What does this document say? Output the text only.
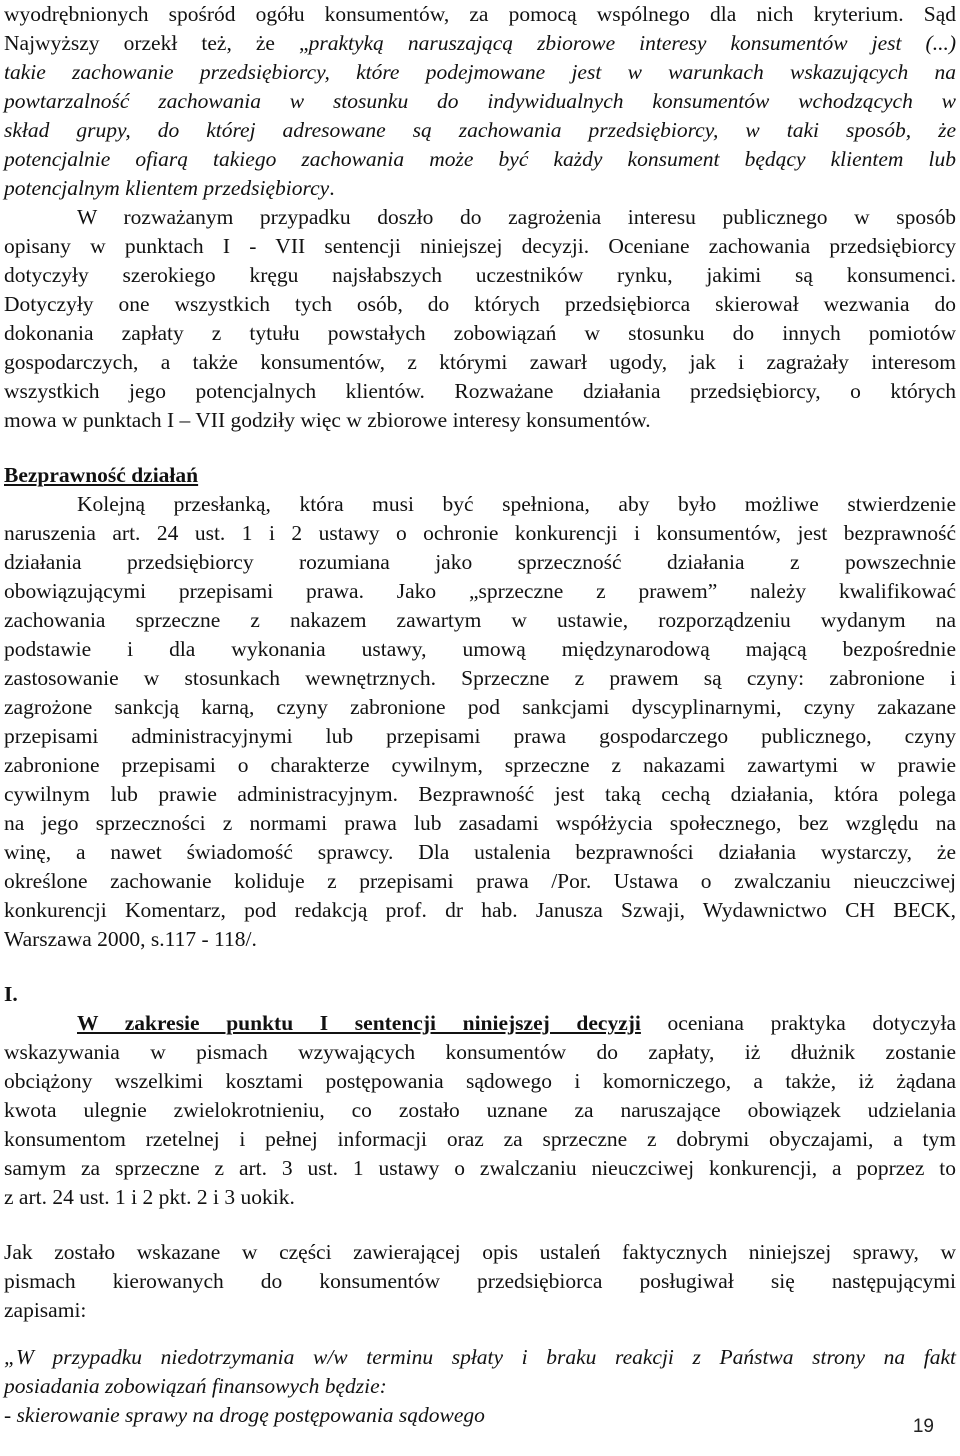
wyodrębnionych spośród ogółu konsumentów, za pomocą wspólnego dla nich kryterium. Sąd
Najwyższy orzekł też, że „praktyką naruszającą zbiorowe interesy konsumentów jest (...)
takie zachowanie przedsiębiorcy, które podejmowane jest w warunkach wskazujących na
powtarzalność zachowania w stosunku do indywidualnych konsumentów wchodzących w
skład grupy, do której adresowane są zachowania przedsiębiorcy, w taki sposób, że
potencjalnie ofiarą takiego zachowania może być każdy konsument będący klientem lub
potencjalnym klientem przedsiębiorcy.
W rozważanym przypadku doszło do zagrożenia interesu publicznego w sposób
opisany w punktach I - VII sentencji niniejszej decyzji. Oceniane zachowania przedsiębiorcy
dotyczyły szerokiego kręgu najsłabszych uczestników rynku, jakimi są konsumenci.
Dotyczyły one wszystkich tych osób, do których przedsiębiorca skierował wezwania do
dokonania zapłaty z tytułu powstałych zobowiązań w stosunku do innych pomiotów
gospodarczych, a także konsumentów, z którymi zawarł ugody, jak i zagrażały interesom
wszystkich jego potencjalnych klientów. Rozważane działania przedsiębiorcy, o których
mowa w punktach I – VII godziły więc w zbiorowe interesy konsumentów.
Bezprawność działań
Kolejną przesłanką, która musi być spełniona, aby było możliwe stwierdzenie
naruszenia art. 24 ust. 1 i 2 ustawy o ochronie konkurencji i konsumentów, jest bezprawność
działania przedsiębiorcy rozumiana jako sprzeczność działania z powszechnie
obowiązującymi przepisami prawa. Jako „sprzeczne z prawem” należy kwalifikować
zachowania sprzeczne z nakazem zawartym w ustawie, rozporządzeniu wydanym na
podstawie i dla wykonania ustawy, umową międzynarodową mającą bezpośrednie
zastosowanie w stosunkach wewnętrznych. Sprzeczne z prawem są czyny: zabronione i
zagrożone sankcją karną, czyny zabronione pod sankcjami dyscyplinarnymi, czyny zakazane
przepisami administracyjnymi lub przepisami prawa gospodarczego publicznego, czyny
zabronione przepisami o charakterze cywilnym, sprzeczne z nakazami zawartymi w prawie
cywilnym lub prawie administracyjnym. Bezprawność jest taką cechą działania, która polega
na jego sprzeczności z normami prawa lub zasadami współżycia społecznego, bez względu na
winę, a nawet świadomość sprawcy. Dla ustalenia bezprawności działania wystarczy, że
określone zachowanie koliduje z przepisami prawa /Por. Ustawa o zwalczaniu nieuczciwej
konkurencji Komentarz, pod redakcją prof. dr hab. Janusza Szwaji, Wydawnictwo CH BECK,
Warszawa 2000, s.117 - 118/.
I.
W zakresie punktu I sentencji niniejszej decyzji oceniana praktyka dotyczyła
wskazywania w pismach wzywających konsumentów do zapłaty, iż dłużnik zostanie
obciążony wszelkimi kosztami postępowania sądowego i komorniczego, a także, iż żądana
kwota ulegnie zwielokrotnieniu, co zostało uznane za naruszające obowiązek udzielania
konsumentom rzetelnej i pełnej informacji oraz za sprzeczne z dobrymi obyczajami, a tym
samym za sprzeczne z art. 3 ust. 1 ustawy o zwalczaniu nieuczciwej konkurencji, a poprzez to
z art. 24 ust. 1 i 2 pkt. 2 i 3 uokik.
Jak zostało wskazane w części zawierającej opis ustaleń faktycznych niniejszej sprawy, w
pismach kierowanych do konsumentów przedsiębiorca posługiwał się następującymi
zapisami:
„W przypadku niedotrzymania w/w terminu spłaty i braku reakcji z Państwa strony na fakt
posiadania zobowiązań finansowych będzie:
- skierowanie sprawy na drogę postępowania sądowego	19
